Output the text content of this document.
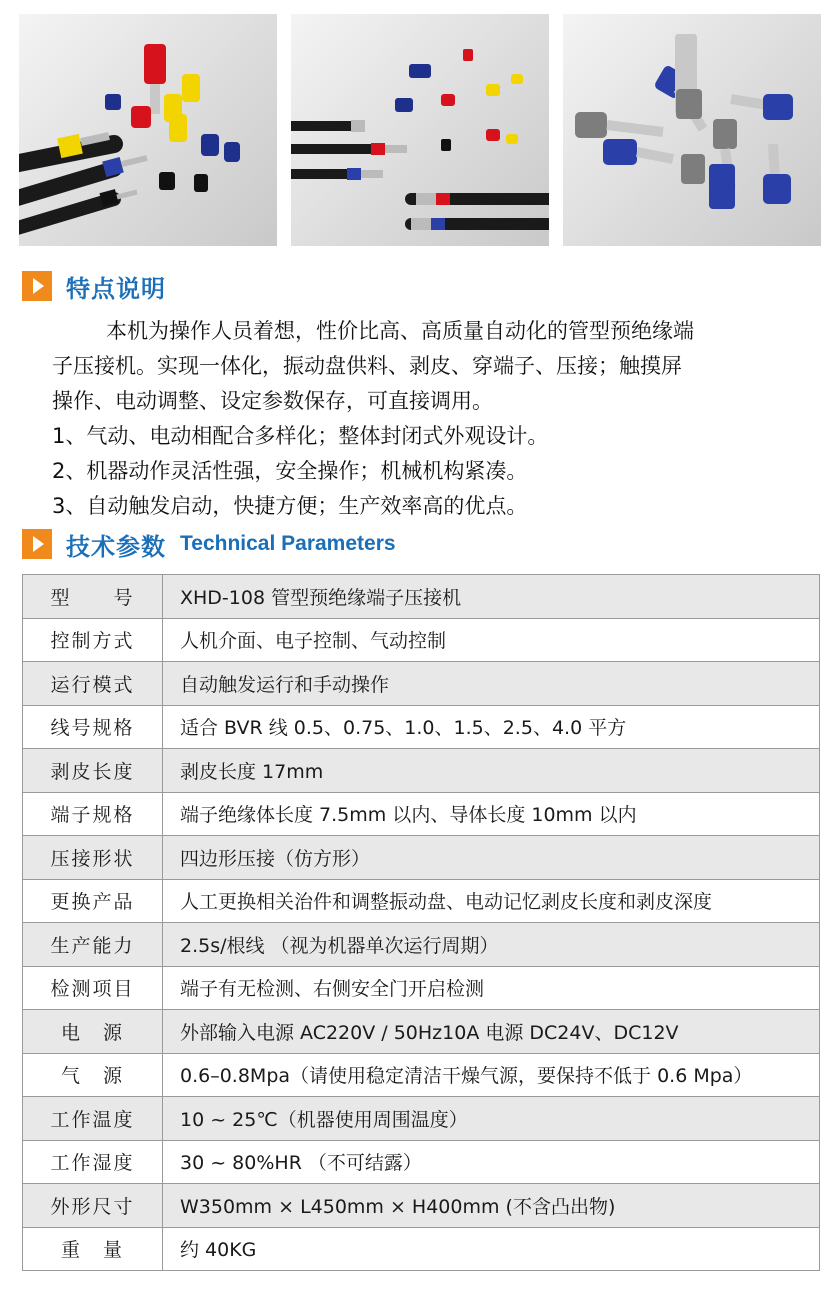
特点说明

本机为操作人员着想，性价比高、高质量自动化的管型预绝缘端
子压接机。实现一体化，振动盘供料、剥皮、穿端子、压接；触摸屏
操作、电动调整、设定参数保存，可直接调用。

1、气动、电动相配合多样化；整体封闭式外观设计。

2、机器动作灵活性强，安全操作；机械机构紧凑。

3、自动触发启动，快捷方便；生产效率高的优点。

技术参数 Technical Parameters
型　　号	XHD-108 管型预绝缘端子压接机
控制方式	人机介面、电子控制、气动控制
运行模式	自动触发运行和手动操作
线号规格	适合 BVR 线 0.5、0.75、1.0、1.5、2.5、4.0 平方
剥皮长度	剥皮长度 17mm
端子规格	端子绝缘体长度 7.5mm 以内、导体长度 10mm 以内
压接形状	四边形压接（仿方形）
更换产品	人工更换相关治件和调整振动盘、电动记忆剥皮长度和剥皮深度
生产能力	2.5s/根线 （视为机器单次运行周期）
检测项目	端子有无检测、右侧安全门开启检测
电　源	外部输入电源 AC220V / 50Hz10A 电源 DC24V、DC12V
气　源	0.6–0.8Mpa（请使用稳定清洁干燥气源，要保持不低于 0.6 Mpa）
工作温度	10 ~ 25℃（机器使用周围温度）
工作湿度	30 ~ 80%HR （不可结露）
外形尺寸	W350mm × L450mm × H400mm (不含凸出物)
重　量	约 40KG
